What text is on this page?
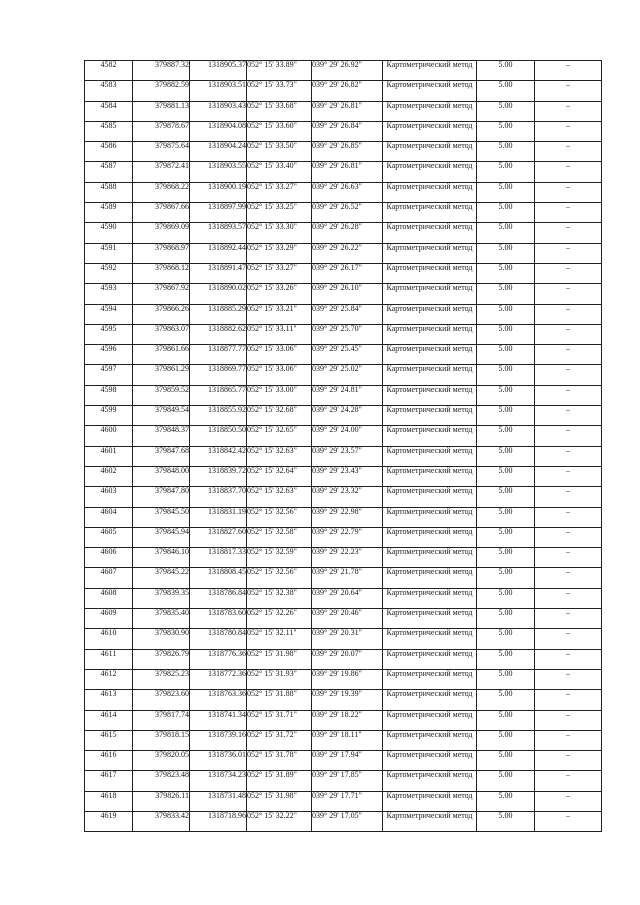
4582	379887.32	1318905.37	052° 15' 33.89"	039° 29' 26.92"	Картометрический метод	5.00	–
4583	379882.59	1318903.51	052° 15' 33.73"	039° 29' 26.82"	Картометрический метод	5.00	–
4584	379881.13	1318903.43	052° 15' 33.68"	039° 29' 26.81"	Картометрический метод	5.00	–
4585	379878.67	1318904.08	052° 15' 33.60"	039° 29' 26.84"	Картометрический метод	5.00	–
4586	379875.64	1318904.24	052° 15' 33.50"	039° 29' 26.85"	Картометрический метод	5.00	–
4587	379872.41	1318903.55	052° 15' 33.40"	039° 29' 26.81"	Картометрический метод	5.00	–
4588	379868.22	1318900.19	052° 15' 33.27"	039° 29' 26.63"	Картометрический метод	5.00	–
4589	379867.66	1318897.99	052° 15' 33.25"	039° 29' 26.52"	Картометрический метод	5.00	–
4590	379869.09	1318893.57	052° 15' 33.30"	039° 29' 26.28"	Картометрический метод	5.00	–
4591	379868.97	1318892.44	052° 15' 33.29"	039° 29' 26.22"	Картометрический метод	5.00	–
4592	379868.12	1318891.47	052° 15' 33.27"	039° 29' 26.17"	Картометрический метод	5.00	–
4593	379867.92	1318890.02	052° 15' 33.26"	039° 29' 26.10"	Картометрический метод	5.00	–
4594	379866.26	1318885.29	052° 15' 33.21"	039° 29' 25.84"	Картометрический метод	5.00	–
4595	379863.07	1318882.62	052° 15' 33.11"	039° 29' 25.70"	Картометрический метод	5.00	–
4596	379861.66	1318877.77	052° 15' 33.06"	039° 29' 25.45"	Картометрический метод	5.00	–
4597	379861.29	1318869.77	052° 15' 33.06"	039° 29' 25.02"	Картометрический метод	5.00	–
4598	379859.52	1318865.77	052° 15' 33.00"	039° 29' 24.81"	Картометрический метод	5.00	–
4599	379849.54	1318855.92	052° 15' 32.68"	039° 29' 24.28"	Картометрический метод	5.00	–
4600	379848.37	1318850.50	052° 15' 32.65"	039° 29' 24.00"	Картометрический метод	5.00	–
4601	379847.68	1318842.42	052° 15' 32.63"	039° 29' 23.57"	Картометрический метод	5.00	–
4602	379848.00	1318839.72	052° 15' 32.64"	039° 29' 23.43"	Картометрический метод	5.00	–
4603	379847.80	1318837.70	052° 15' 32.63"	039° 29' 23.32"	Картометрический метод	5.00	–
4604	379845.50	1318831.19	052° 15' 32.56"	039° 29' 22.98"	Картометрический метод	5.00	–
4605	379845.94	1318827.60	052° 15' 32.58"	039° 29' 22.79"	Картометрический метод	5.00	–
4606	379846.10	1318817.33	052° 15' 32.59"	039° 29' 22.23"	Картометрический метод	5.00	–
4607	379845.22	1318808.45	052° 15' 32.56"	039° 29' 21.78"	Картометрический метод	5.00	–
4608	379839.35	1318786.84	052° 15' 32.38"	039° 29' 20.64"	Картометрический метод	5.00	–
4609	379835.40	1318783.60	052° 15' 32.26"	039° 29' 20.46"	Картометрический метод	5.00	–
4610	379830.90	1318780.84	052° 15' 32.11"	039° 29' 20.31"	Картометрический метод	5.00	–
4611	379826.79	1318776.36	052° 15' 31.98"	039° 29' 20.07"	Картометрический метод	5.00	–
4612	379825.23	1318772.36	052° 15' 31.93"	039° 29' 19.86"	Картометрический метод	5.00	–
4613	379823.60	1318763.36	052° 15' 31.88"	039° 29' 19.39"	Картометрический метод	5.00	–
4614	379817.74	1318741.34	052° 15' 31.71"	039° 29' 18.22"	Картометрический метод	5.00	–
4615	379818.15	1318739.16	052° 15' 31.72"	039° 29' 18.11"	Картометрический метод	5.00	–
4616	379820.05	1318736.01	052° 15' 31.78"	039° 29' 17.94"	Картометрический метод	5.00	–
4617	379823.48	1318734.23	052° 15' 31.89"	039° 29' 17.85"	Картометрический метод	5.00	–
4618	379826.11	1318731.48	052° 15' 31.98"	039° 29' 17.71"	Картометрический метод	5.00	–
4619	379833.42	1318718.96	052° 15' 32.22"	039° 29' 17.05"	Картометрический метод	5.00	–
